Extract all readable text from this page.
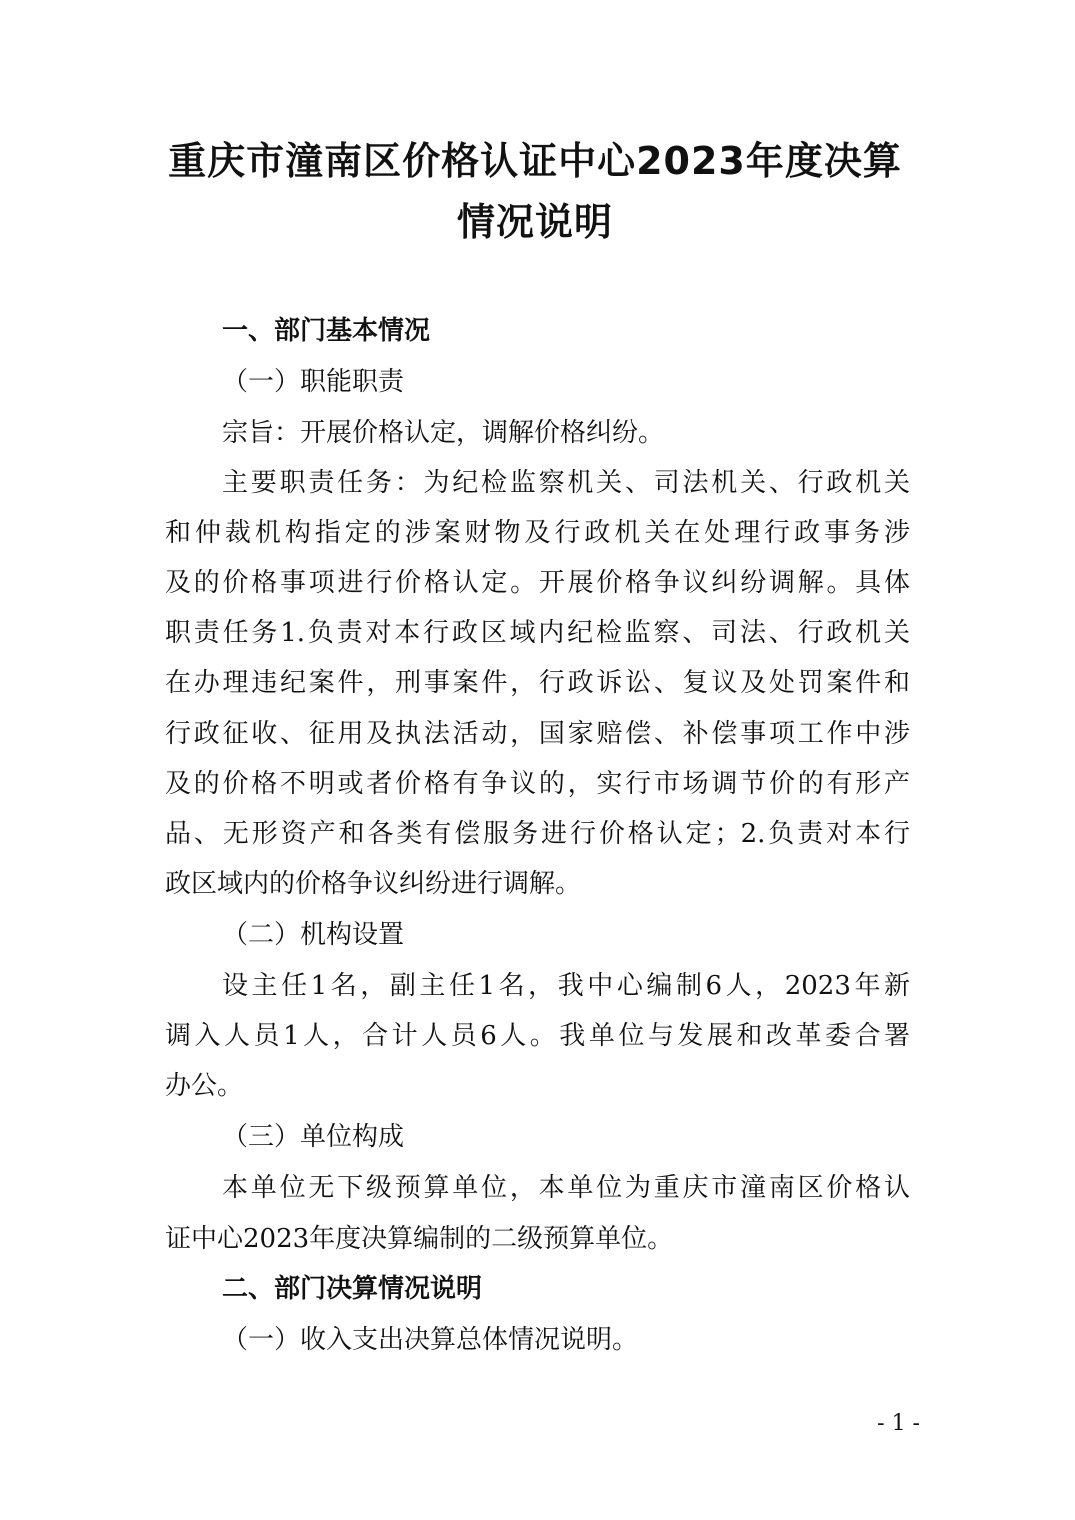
重庆市潼南区价格认证中心2023年度决算
情况说明

一、部门基本情况

（一）职能职责

宗旨：开展价格认定，调解价格纠纷。

主要职责任务：为纪检监察机关、司法机关、行政机关

和仲裁机构指定的涉案财物及行政机关在处理行政事务涉

及的价格事项进行价格认定。开展价格争议纠纷调解。具体

职责任务1.负责对本行政区域内纪检监察、司法、行政机关

在办理违纪案件，刑事案件，行政诉讼、复议及处罚案件和

行政征收、征用及执法活动，国家赔偿、补偿事项工作中涉

及的价格不明或者价格有争议的，实行市场调节价的有形产

品、无形资产和各类有偿服务进行价格认定；2.负责对本行

政区域内的价格争议纠纷进行调解。

（二）机构设置

设主任1名，副主任1名，我中心编制6人，2023年新

调入人员1人，合计人员6人。我单位与发展和改革委合署

办公。

（三）单位构成

本单位无下级预算单位，本单位为重庆市潼南区价格认

证中心2023年度决算编制的二级预算单位。

二、部门决算情况说明

（一）收入支出决算总体情况说明。

- 1 -
